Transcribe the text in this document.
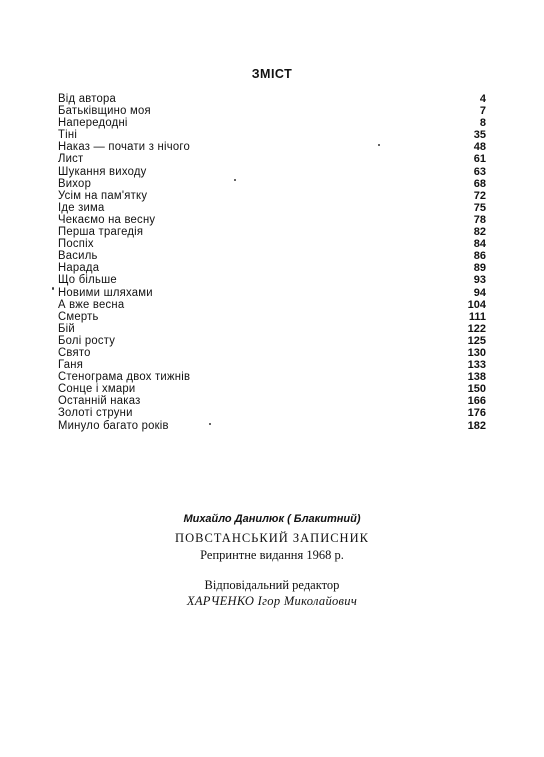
ЗМІСТ
Від автора	4
Батьківщино моя	7
Напередодні	8
Тіні	35
Наказ — почати з нічого	48
Лист	61
Шукання виходу	63
Вихор	68
Усім на пам'ятку	72
Іде зима	75
Чекаємо на весну	78
Перша трагедія	82
Поспіх	84
Василь	86
Нарада	89
Що більше	93
Новими шляхами	94
А вже весна	104
Смерть	111
Бій	122
Болі росту	125
Свято	130
Ганя	133
Стенограма двох тижнів	138
Сонце і хмари	150
Останній наказ	166
Золоті струни	176
Минуло багато років	182
Михайло Данилюк ( Блакитний)
ПОВСТАНСЬКИЙ ЗАПИСНИК
Репринтне видання 1968 р.
Відповідальний редактор
ХАРЧЕНКО Ігор Миколайович
